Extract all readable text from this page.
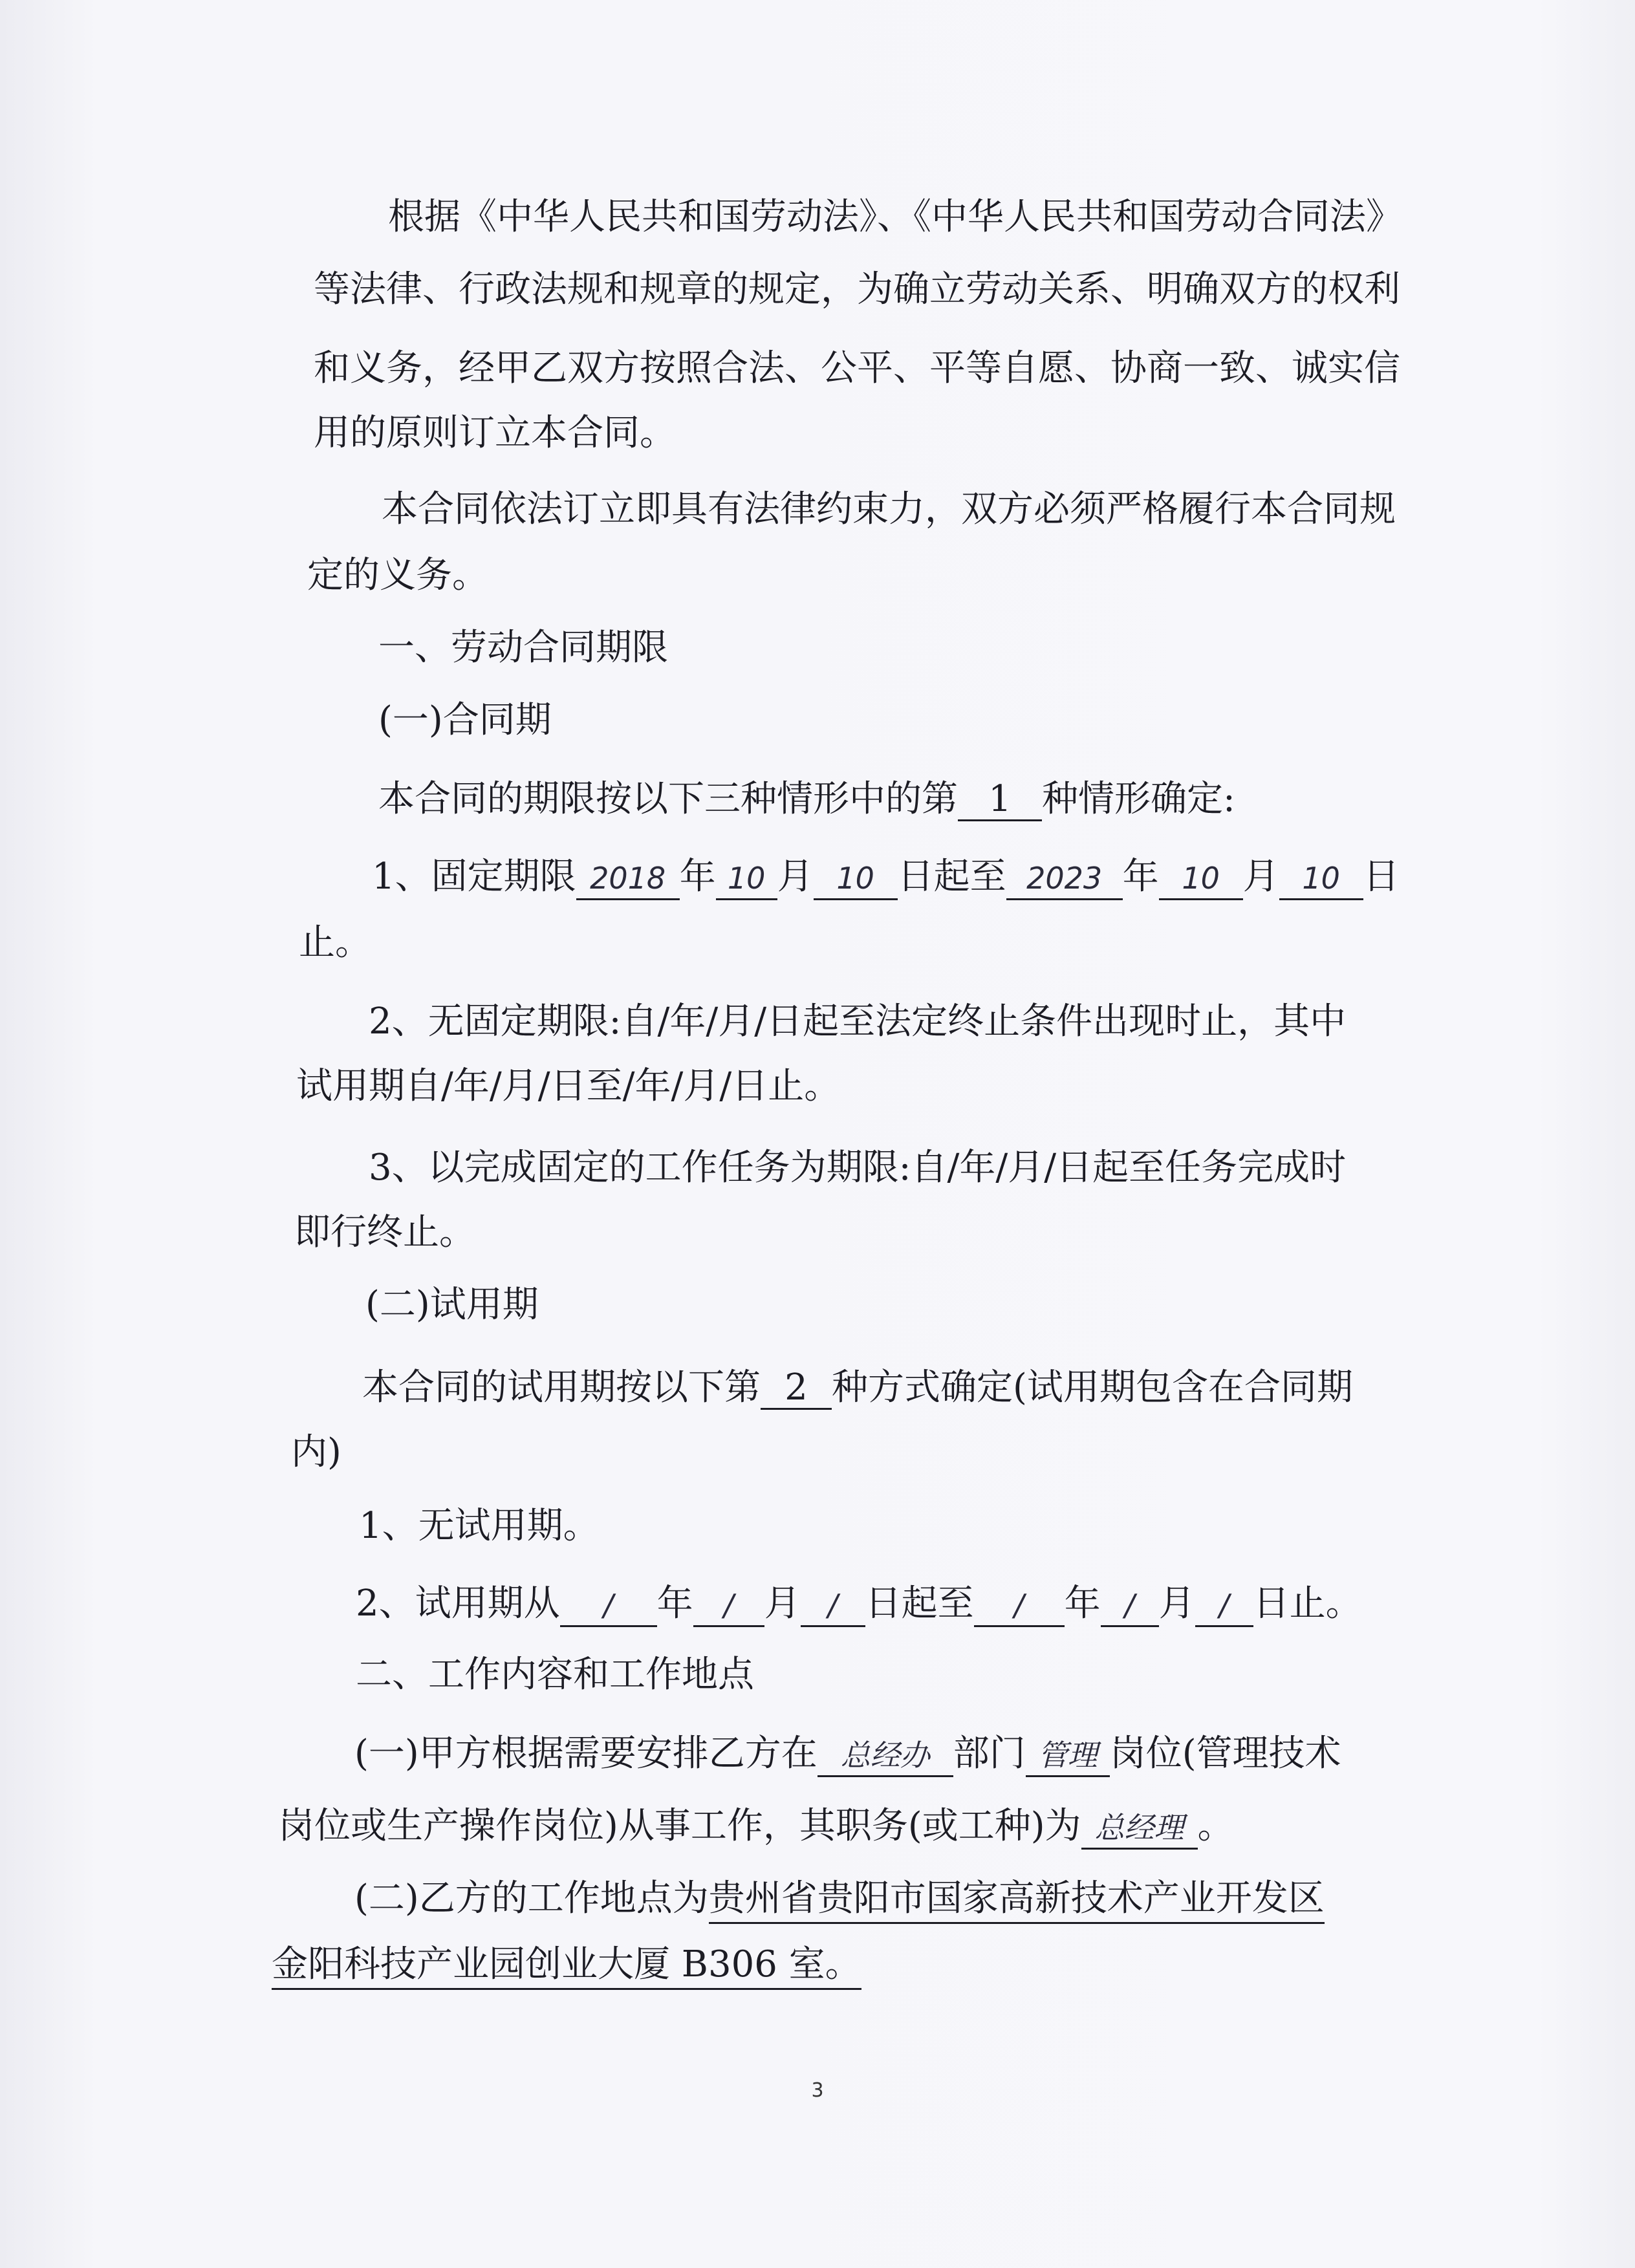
根据《中华人民共和国劳动法》、《中华人民共和国劳动合同法》
等法律、行政法规和规章的规定，为确立劳动关系、明确双方的权利
和义务，经甲乙双方按照合法、公平、平等自愿、协商一致、诚实信
用的原则订立本合同。
本合同依法订立即具有法律约束力，双方必须严格履行本合同规
定的义务。
一、劳动合同期限
(一)合同期
本合同的期限按以下三种情形中的第 1 种情形确定:
1、固定期限 2018 年 10 月 10 日起至 2023 年 10 月 10 日
止。
2、无固定期限:自/年/月/日起至法定终止条件出现时止，其中
试用期自/年/月/日至/年/月/日止。
3、以完成固定的工作任务为期限:自/年/月/日起至任务完成时
即行终止。
(二)试用期
本合同的试用期按以下第 2 种方式确定(试用期包含在合同期
内)
1、无试用期。
2、试用期从 / 年 / 月 / 日起至 / 年 / 月 / 日止。
二、工作内容和工作地点
(一)甲方根据需要安排乙方在 总经办 部门 管理 岗位(管理技术
岗位或生产操作岗位)从事工作，其职务(或工种)为 总经理 。
(二)乙方的工作地点为贵州省贵阳市国家高新技术产业开发区
金阳科技产业园创业大厦 B306 室。
3
